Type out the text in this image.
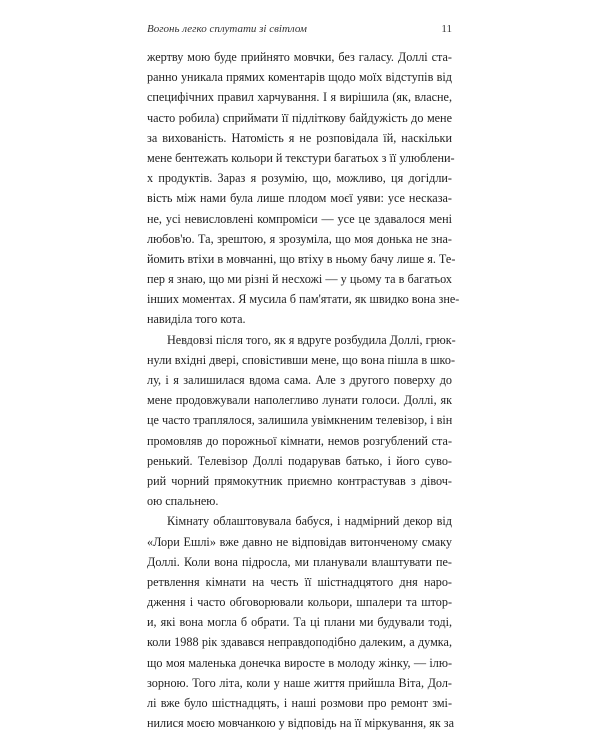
Вогонь легко сплутати зі світлом	11
жертву мою буде прийнято мовчки, без галасу. Доллі ста-
ранно уникала прямих коментарів щодо моїх відступів від
специфічних правил харчування. І я вирішила (як, власне,
часто робила) сприймати її підліткову байдужість до мене
за вихованість. Натомість я не розповідала їй, наскільки
мене бентежать кольори й текстури багатьох з її улюблени-
х продуктів. Зараз я розумію, що, можливо, ця догідли-
вість між нами була лише плодом моєї уяви: усе несказа-
не, усі невисловлені компроміси — усе це здавалося мені
любов'ю. Та, зрештою, я зрозуміла, що моя донька не зна-
йомить втіхи в мовчанні, що втіху в ньому бачу лише я. Те-
пер я знаю, що ми різні й несхожі — у цьому та в багатьох
інших моментах. Я мусила б пам'ятати, як швидко вона зне-
навиділа того кота.
Невдовзі після того, як я вдруге розбудила Доллі, грюк-
нули вхідні двері, сповістивши мене, що вона пішла в шко-
лу, і я залишилася вдома сама. Але з другого поверху до
мене продовжували наполегливо лунати голоси. Доллі, як
це часто траплялося, залишила увімкненим телевізор, і він
промовляв до порожньої кімнати, немов розгублений ста-
ренький. Телевізор Доллі подарував батько, і його суво-
рий чорний прямокутник приємно контрастував з дівоч-
ою спальнею.
Кімнату облаштовувала бабуся, і надмірний декор від
«Лори Ешлі» вже давно не відповідав витонченому смаку
Доллі. Коли вона підросла, ми планували влаштувати пе-
ретвлення кімнати на честь її шістнадцятого дня наро-
дження і часто обговорювали кольори, шпалери та штор-
и, які вона могла б обрати. Та ці плани ми будували тоді,
коли 1988 рік здавався неправдоподібно далеким, а думка,
що моя маленька донечка виросте в молоду жінку, — ілю-
зорною. Того літа, коли у наше життя прийшла Віта, Дол-
лі вже було шістнадцять, і наші розмови про ремонт змі-
нилися моєю мовчанкою у відповідь на її міркування, як за
